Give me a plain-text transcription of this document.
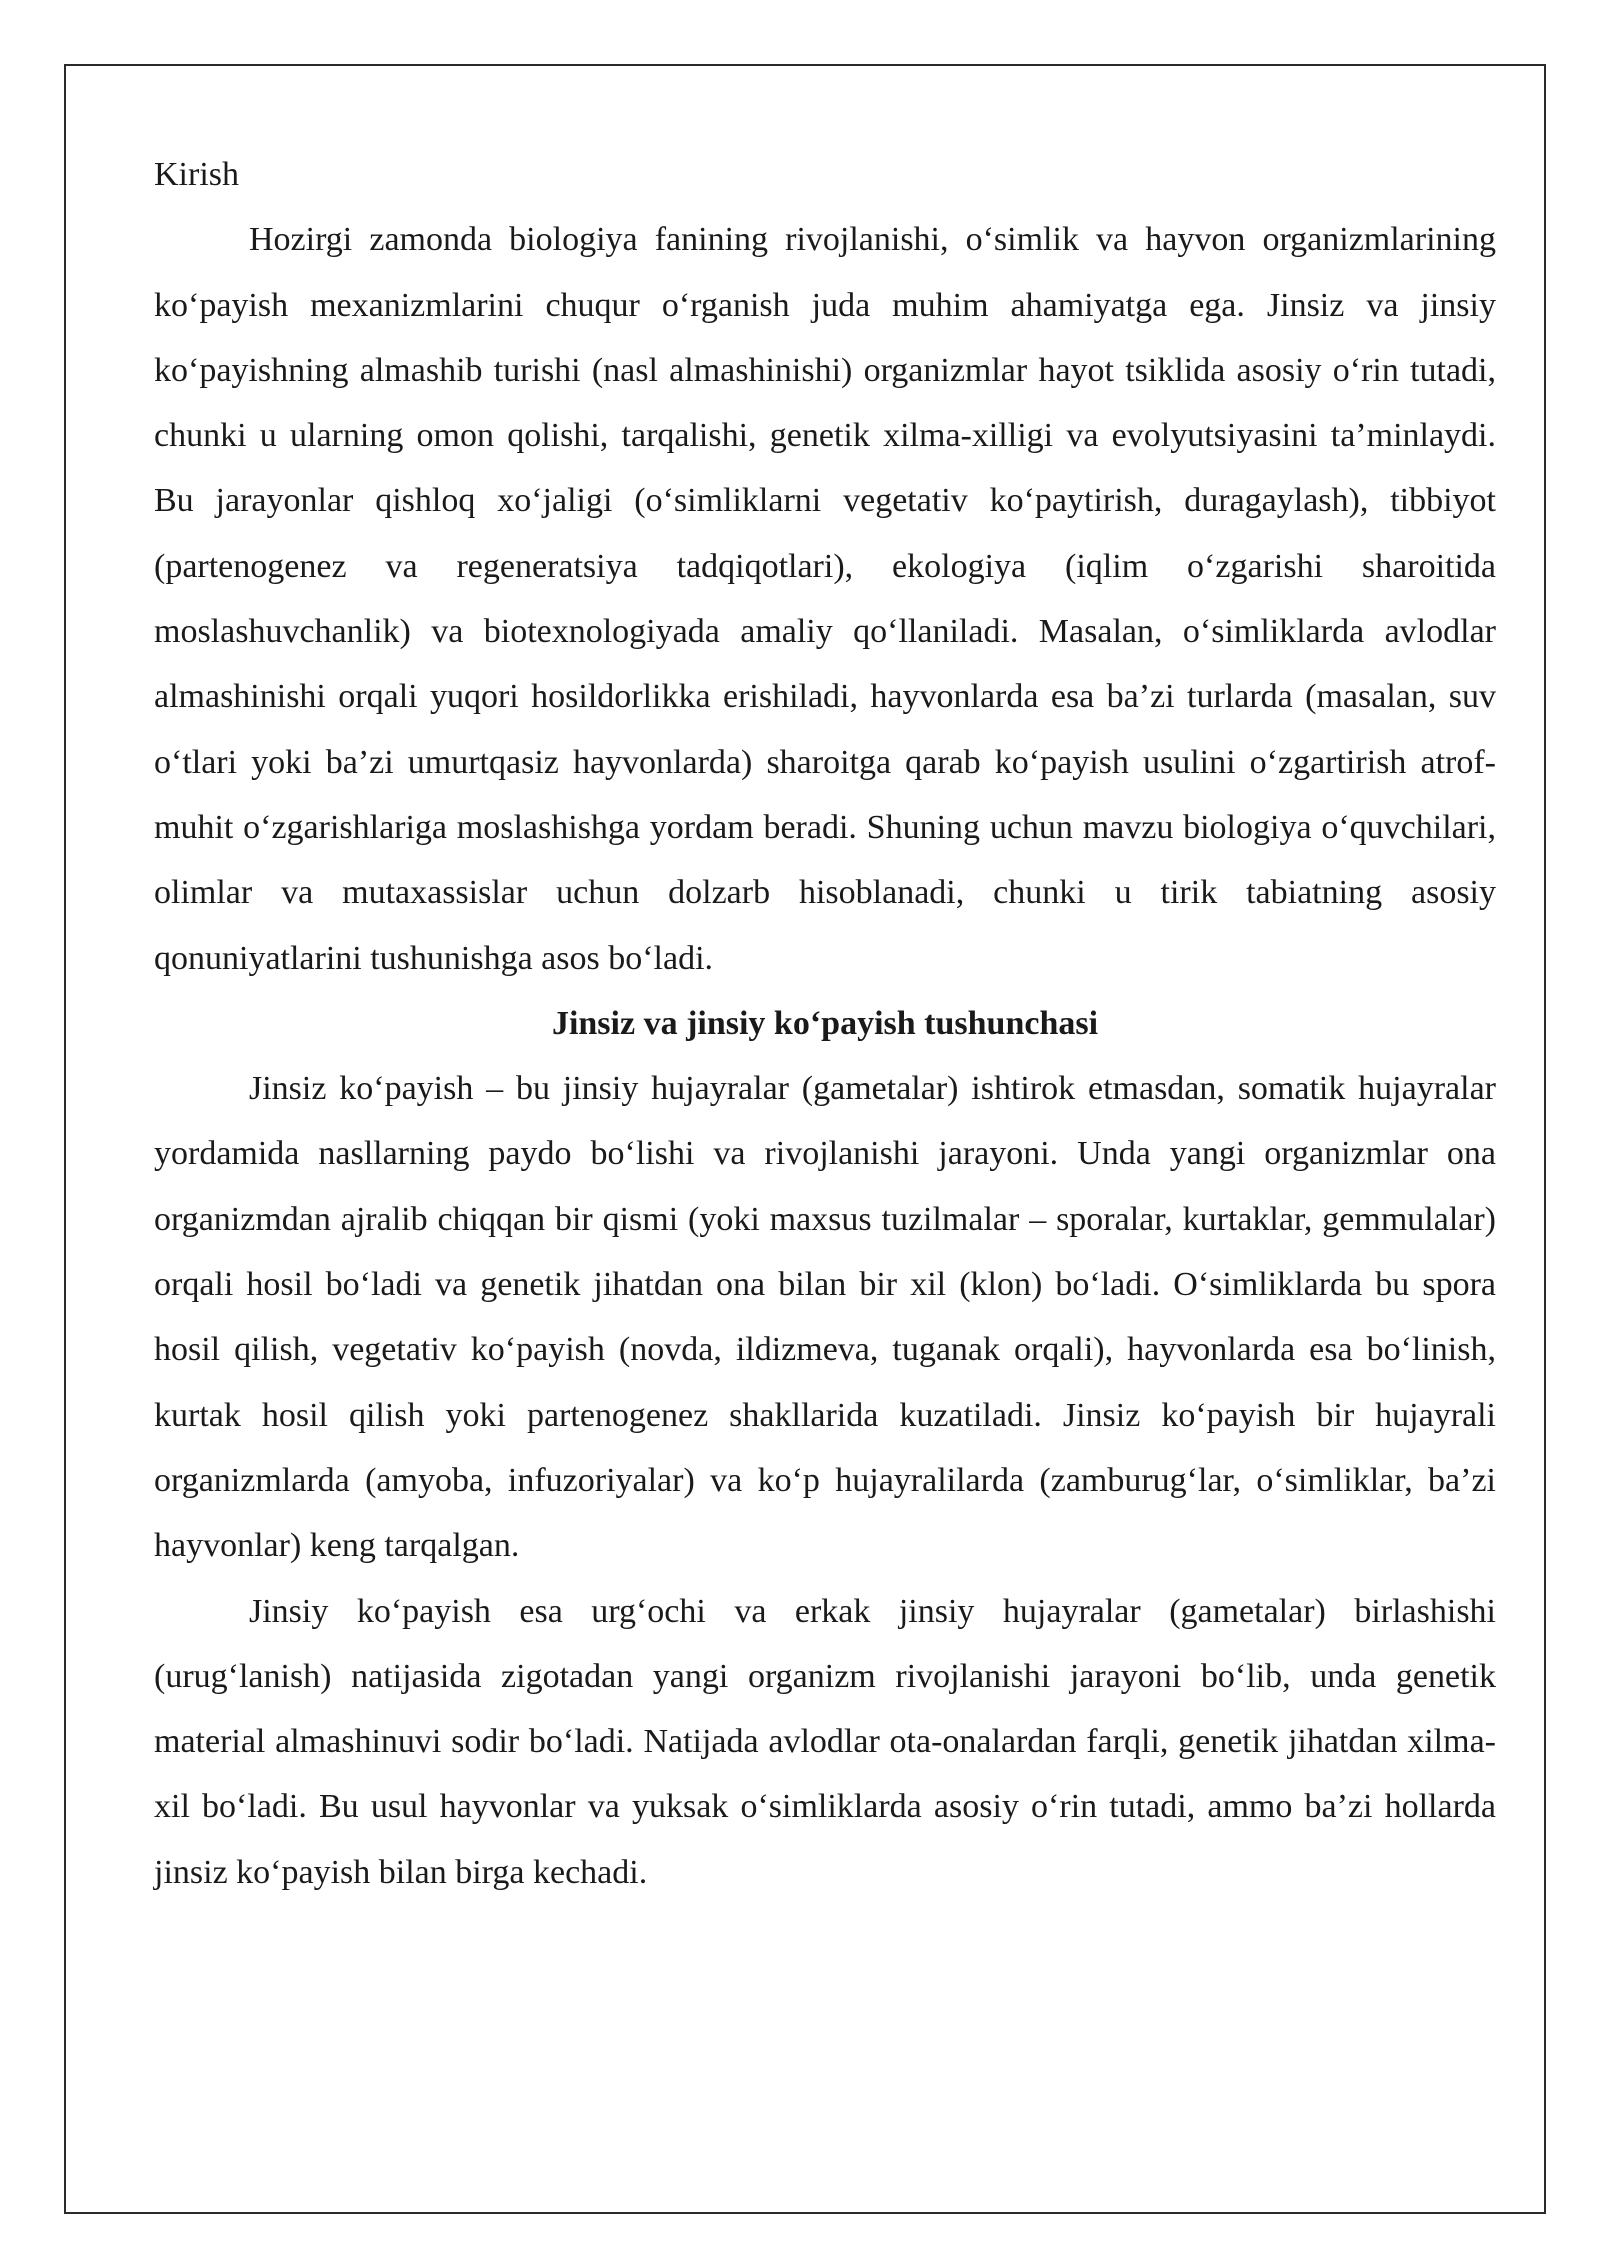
Kirish

Hozirgi zamonda biologiya fanining rivojlanishi, o‘simlik va hayvon organizmlarining ko‘payish mexanizmlarini chuqur o‘rganish juda muhim ahamiyatga ega. Jinsiz va jinsiy ko‘payishning almashib turishi (nasl almashinishi) organizmlar hayot tsiklida asosiy o‘rin tutadi, chunki u ularning omon qolishi, tarqalishi, genetik xilma-xilligi va evolyutsiyasini ta’minlaydi. Bu jarayonlar qishloq xo‘jaligi (o‘simliklarni vegetativ ko‘paytirish, duragaylash), tibbiyot (partenogenez va regeneratsiya tadqiqotlari), ekologiya (iqlim o‘zgarishi sharoitida moslashuvchanlik) va biotexnologiyada amaliy qo‘llaniladi. Masalan, o‘simliklarda avlodlar almashinishi orqali yuqori hosildorlikka erishiladi, hayvonlarda esa ba’zi turlarda (masalan, suv o‘tlari yoki ba’zi umurtqasiz hayvonlarda) sharoitga qarab ko‘payish usulini o‘zgartirish atrof-muhit o‘zgarishlariga moslashishga yordam beradi. Shuning uchun mavzu biologiya o‘quvchilari, olimlar va mutaxassislar uchun dolzarb hisoblanadi, chunki u tirik tabiatning asosiy qonuniyatlarini tushunishga asos bo‘ladi.

Jinsiz va jinsiy ko‘payish tushunchasi

Jinsiz ko‘payish – bu jinsiy hujayralar (gametalar) ishtirok etmasdan, somatik hujayralar yordamida nasllarning paydo bo‘lishi va rivojlanishi jarayoni. Unda yangi organizmlar ona organizmdan ajralib chiqqan bir qismi (yoki maxsus tuzilmalar – sporalar, kurtaklar, gemmulalar) orqali hosil bo‘ladi va genetik jihatdan ona bilan bir xil (klon) bo‘ladi. O‘simliklarda bu spora hosil qilish, vegetativ ko‘payish (novda, ildizmeva, tuganak orqali), hayvonlarda esa bo‘linish, kurtak hosil qilish yoki partenogenez shakllarida kuzatiladi. Jinsiz ko‘payish bir hujayrali organizmlarda (amyoba, infuzoriyalar) va ko‘p hujayralilarda (zamburug‘lar, o‘simliklar, ba’zi hayvonlar) keng tarqalgan.

Jinsiy ko‘payish esa urg‘ochi va erkak jinsiy hujayralar (gametalar) birlashishi (urug‘lanish) natijasida zigotadan yangi organizm rivojlanishi jarayoni bo‘lib, unda genetik material almashinuvi sodir bo‘ladi. Natijada avlodlar ota-onalardan farqli, genetik jihatdan xilma-xil bo‘ladi. Bu usul hayvonlar va yuksak o‘simliklarda asosiy o‘rin tutadi, ammo ba’zi hollarda jinsiz ko‘payish bilan birga kechadi.
